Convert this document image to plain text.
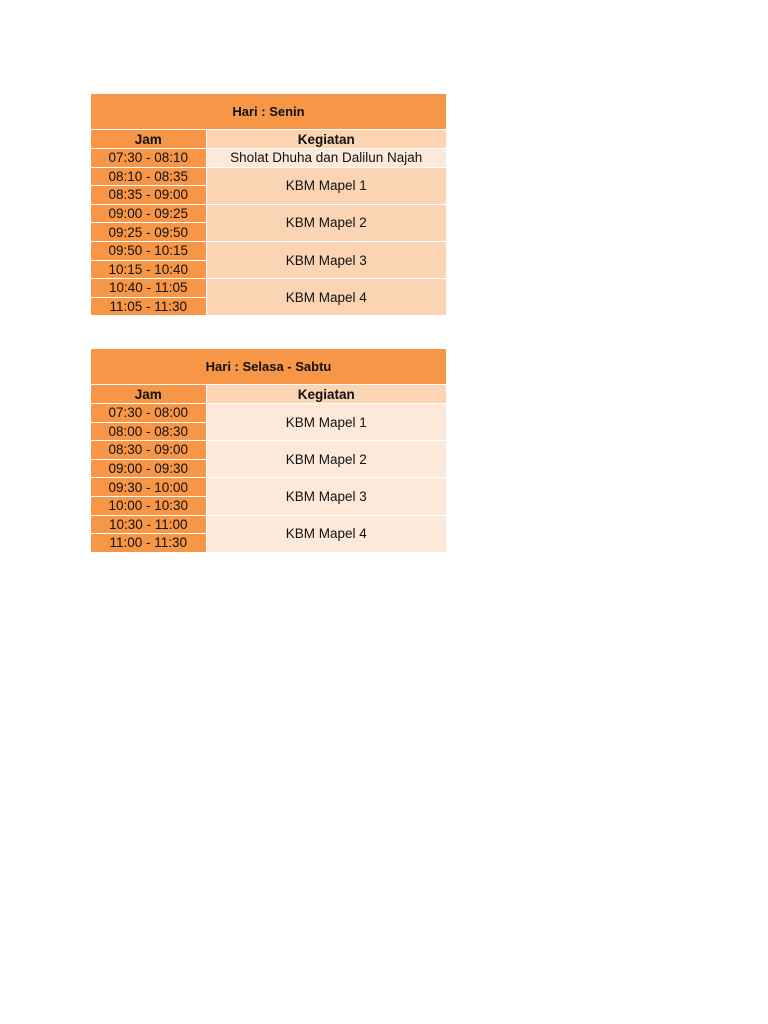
Hari : Senin	
Jam	Kegiatan
07:30 - 08:10	Sholat Dhuha dan Dalilun Najah
08:10 - 08:35	KBM Mapel 1
08:35 - 09:00	
09:00 - 09:25	KBM Mapel 2
09:25 - 09:50	
09:50 - 10:15	KBM Mapel 3
10:15 - 10:40	
10:40 - 11:05	KBM Mapel 4
11:05 - 11:30	
Hari : Selasa - Sabtu	
Jam	Kegiatan
07:30 - 08:00	KBM Mapel 1
08:00 - 08:30	
08:30 - 09:00	KBM Mapel 2
09:00 - 09:30	
09:30 - 10:00	KBM Mapel 3
10:00 - 10:30	
10:30 - 11:00	KBM Mapel 4
11:00 - 11:30	
